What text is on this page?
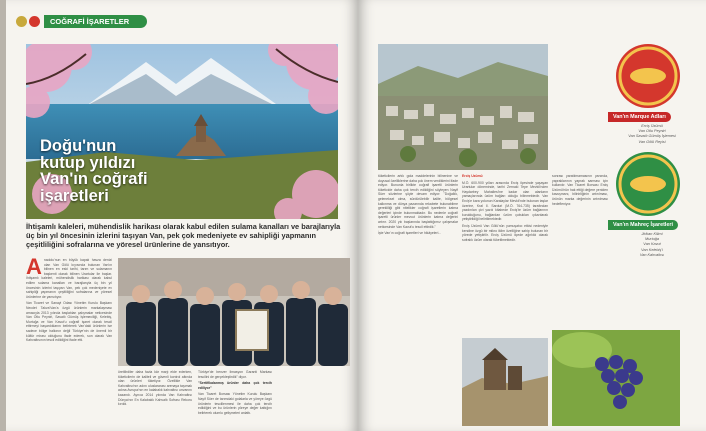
COĞRAFİ İŞARETLER
Doğu'nun
kutup yıldızı
Van'ın coğrafi
işaretleri
İhtişamlı kaleleri, mühendislik harikası olarak kabul edilen sulama kanalları ve barajlarıyla üç bin yıl öncesinin izlerini taşıyan Van, pek çok medeniyete ev sahipliği yapmanın çeşitliliğini sofralarına ve yöresel ürünlerine de yansıtıyor.

Anadolu'nun en büyük kapalı havza denizi olan Van Gölü kıyısında bulunan Van'ın bilinen en eski tarihi, tarım ve sulamanın başkenti olarak bilinen Urartular ile başlar. İhtişamlı kaleleri, mühendislik harikası olarak kabul edilen sulama kanalları ve barajlarıyla üç bin yıl öncesinin izlerini taşıyan Van, pek çok medeniyete ev sahipliği yapmanın çeşitliliğini sofralarına ve yöresel ürünlerine de yansıtıyor.

Van Ticaret ve Sanayi Odası Yönetim Kurulu Başkanı Necdet Takva'Van'a özgü ürünlerin markalaşması amacıyla 2013 yılında başlatılan çalışmalar neticesinde Van Otlu Peyniri, Savatlı Gümüş İşlemeciliği, Kelebiş, Murtuğa ve Van Kavut'u coğrafi işaret olarak tescil ettirmeyi başardıklarını belirterek Van'daki ürünlerin ise sadece bölge halkının değil Türkiye'nin de önemli bir kültür mirası olduğunu ifade ederek, son olarak Van Kahvaltısının tescil edildiğini ifade etti.

üretilirdiler daha fazla kâr marjı elde ederken, tüketicilerin de kaliteli ve güvenli kontrol altında olan ürünleri tüketiyor. Özellikle Van Kahvaltısı'nın adını uluslararası arenaya taşımak adına Avrupa'nın en kalabalık kahvaltısı unvanını kazandı. Ayrıca 2014 yılında Van Kahvaltısı Dünya'nın En Kalabalık Kahvaltı Sofrası Rekoru kırıldı.

Türkiye'de benzer ilmasyon Garanti Markası tescilini de gerçekleştirdik" diyor.

"Sertifikalanmış ürünler daha çok tercih ediliyor"

Van Ticaret Borsası Yönetim Kurulu Başkanı Nayif Süer de tarımdaki gıdalarla ve yöreye özgü ürünlerin tescillenmesi ile daha çok tercih edildiğini ve bu ürünlerin yöreye değer kattığını belirterek olumlu gelişmeleri anlattı.

tüketicilerin artık gıda maddelerinin bilinenine ve duyusal özelliklerine daha çok önem verdiklerini ifade ediyor. Bununla birlikte coğrafi işaretli ürünlerin tüketicide daha çok tercih edildiğini söyleyen Nayif Süer sözlerine şöyle devam ediyor: "Doğallık, geleneksel olma, sürdürülebilir kalite, bölgesel kalkınma ve dünya pazarında rekabete bulunabilme gerekliliği gibi nitelikler coğrafi işaretlerin katma değerleri içinde bulunmaktadır. Bu nedenle coğrafi işaretli ürünler mevcut ürünlerin katma değerini artırır. 2020 yılı başlarında başlattığımız çalışmalar neticesinde Van Kavut'u tescil ettirdik."

İşte Van'ın coğrafi işaretleri ve hikâyeleri...

Erciş Üzümü

M.Ö. 600-900 yılları arasında Erciş ilçesinde yaşayan Urartular döneminde, tarihi Zernaki Tepe Mevkii'nden Haydarbey Mahallesi'ne kadar olan alanların yamaçlarında üzüm bağları olduğu bilinmektedir. Van Erciş'e kara yolunun Karalaylar Mevkii'nde bulunan taşlar üzerine, Kral II. Sarduri (M.Ö. 764-735) tarafından yazdırılan çivi yazılı kitabede Erciş'te üzüm bağlarının kurulduğunu, bağlardan üzüm çubukları çıkarılarak yetiştirildiği belirtilmektedir.

Erciş Üzümü Van Gölü'nün yumuşatıcı etkisi nedeniyle kendine özgü bir mikro iklim özelliğine sahip bulunan bir yörede yetiştirilir. Erciş Üzümü ilçede ağırlıklı olarak sofralık üzüm olarak tüketilmektedir.

sonrası yaratılmamasının yanında, yapraklarının yaprak sarması için kullanılır. Van Ticaret Borsası Erciş Üzümü'nün hak ettiği değere yeniden kavuşmanı, bilinirliğinin artırılması, ürünün marka değerinin artırılması hedefleniyor.

Van'ın Marque Adları
Erciş Üzümü
Van Otlu Peyniri
Van Savatlı Gümüş İşlemesi
Van Gölü Reyisi
Van'ın Mahreç İşaretleri
Jirikan Kilimi
Murtuğa
Van Kavut
Van Kelebiş'i
Van Kahvaltısı
